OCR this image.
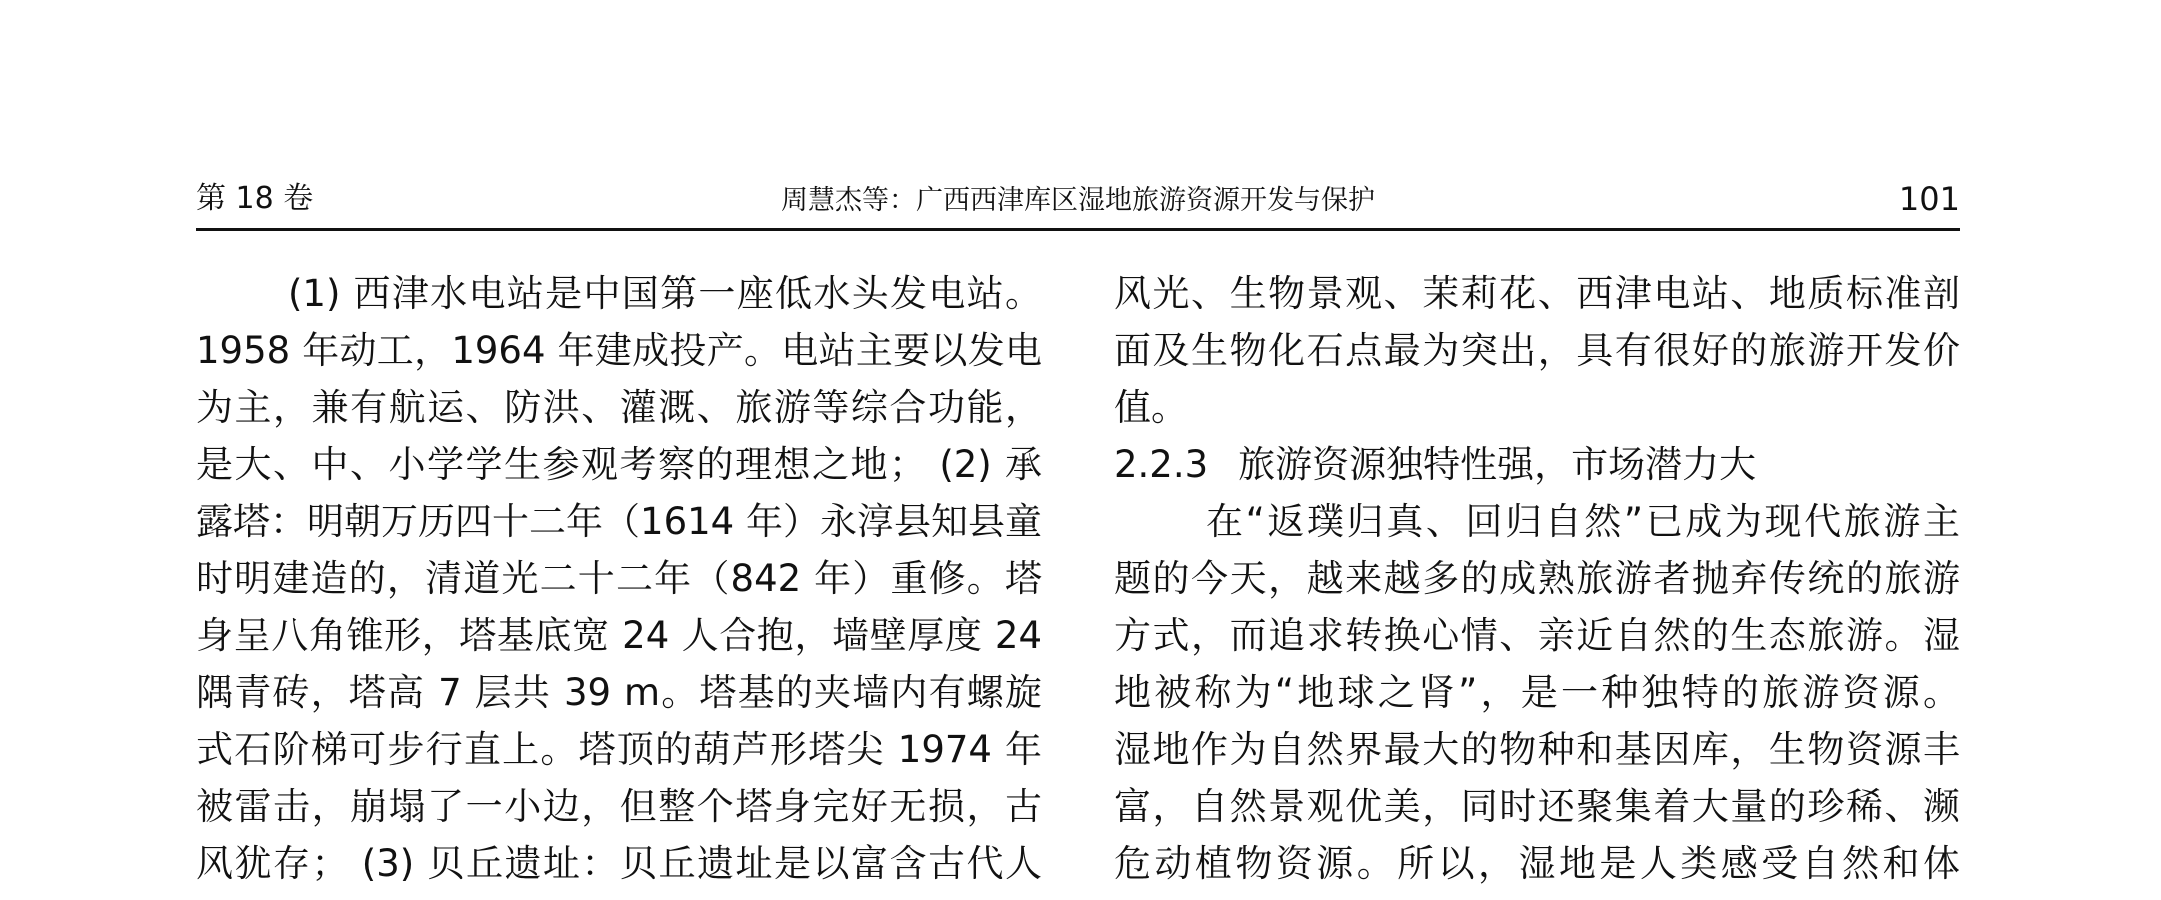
第 18 卷	周慧杰等：广西西津库区湿地旅游资源开发与保护	101
(1) 西津水电站是中国第一座低水头发电站。
1958 年动工，1964 年建成投产。电站主要以发电
为主，兼有航运、防洪、灌溉、旅游等综合功能，
是大、中、小学学生参观考察的理想之地； (2) 承
露塔：明朝万历四十二年（1614 年）永淳县知县童
时明建造的，清道光二十二年（842 年）重修。塔
身呈八角锥形，塔基底宽 24 人合抱，墙壁厚度 24
隅青砖，塔高 7 层共 39 m。塔基的夹墙内有螺旋
式石阶梯可步行直上。塔顶的葫芦形塔尖 1974 年
被雷击，崩塌了一小边，但整个塔身完好无损，古
风犹存； (3) 贝丘遗址：贝丘遗址是以富含古代人
风光、生物景观、茉莉花、西津电站、地质标准剖
面及生物化石点最为突出，具有很好的旅游开发价
值。
2.2.3 旅游资源独特性强，市场潜力大
在“返璞归真、回归自然”已成为现代旅游主
题的今天，越来越多的成熟旅游者抛弃传统的旅游
方式，而追求转换心情、亲近自然的生态旅游。湿
地被称为“地球之肾”，是一种独特的旅游资源。
湿地作为自然界最大的物种和基因库，生物资源丰
富，自然景观优美，同时还聚集着大量的珍稀、濒
危动植物资源。所以，湿地是人类感受自然和体
